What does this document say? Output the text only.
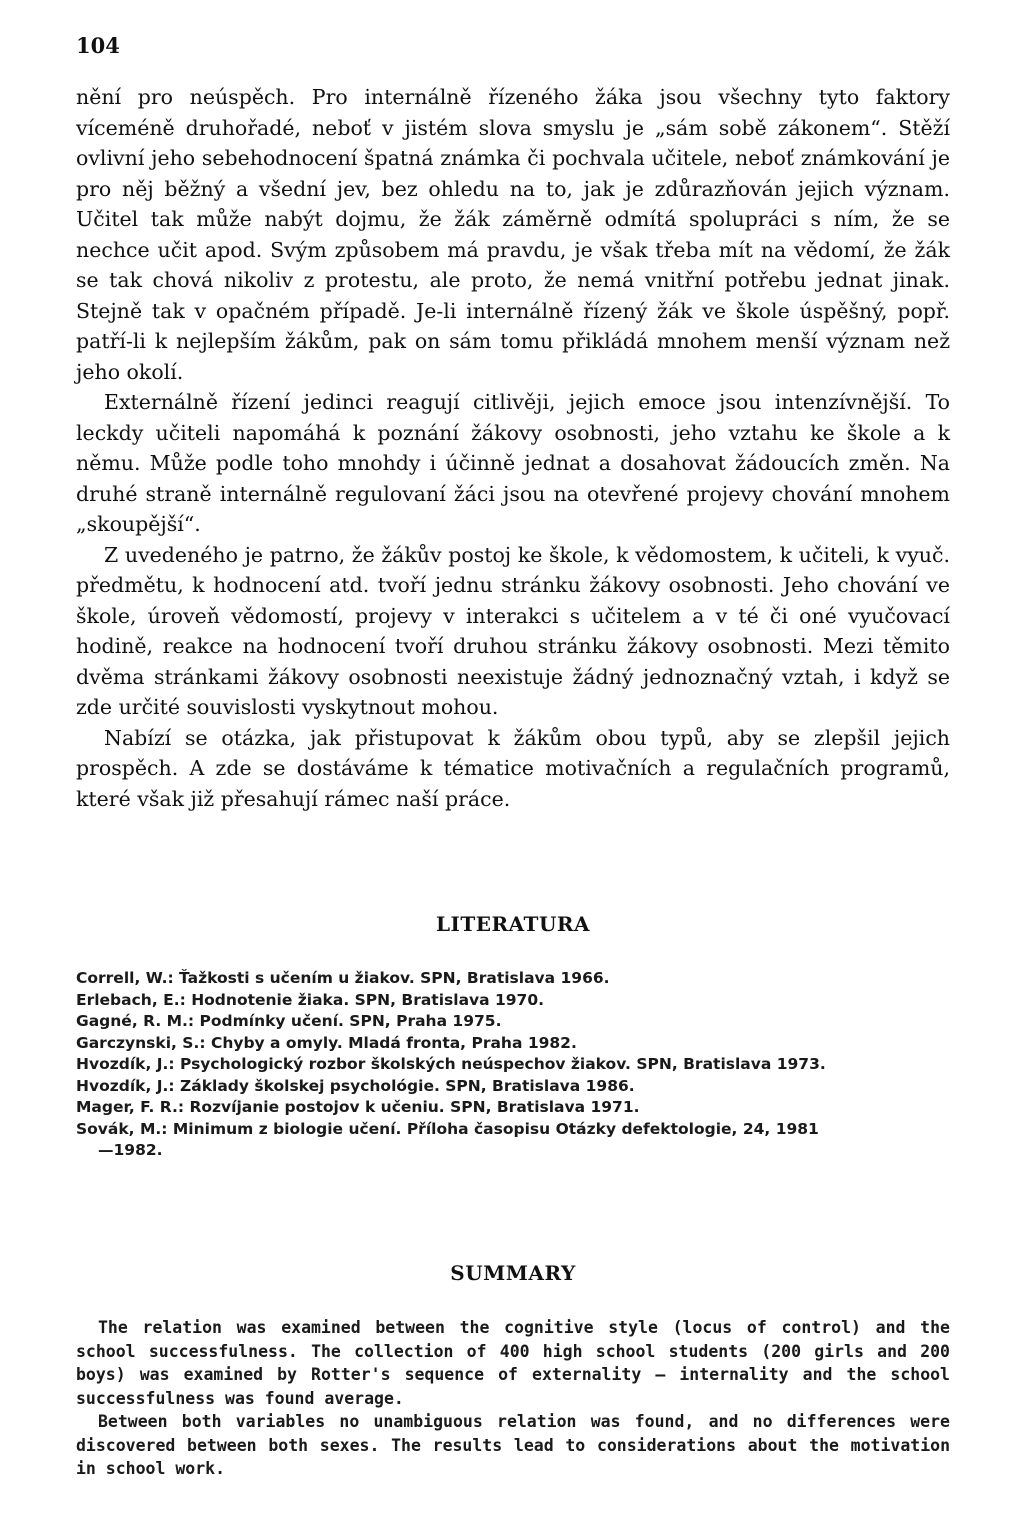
104

nění pro neúspěch. Pro internálně řízeného žáka jsou všechny tyto faktory víceméně druhořadé, neboť v jistém slova smyslu je „sám sobě zákonem“. Stěží ovlivní jeho sebehodnocení špatná známka či pochvala učitele, neboť známkování je pro něj běžný a všední jev, bez ohledu na to, jak je zdůrazňován jejich význam. Učitel tak může nabýt dojmu, že žák záměrně odmítá spolupráci s ním, že se nechce učit apod. Svým způsobem má pravdu, je však třeba mít na vědomí, že žák se tak chová nikoliv z protestu, ale proto, že nemá vnitřní potřebu jednat jinak. Stejně tak v opačném případě. Je-li internálně řízený žák ve škole úspěšný, popř. patří-li k nejlepším žákům, pak on sám tomu přikládá mnohem menší význam než jeho okolí.

Externálně řízení jedinci reagují citlivěji, jejich emoce jsou intenzívnější. To leckdy učiteli napomáhá k poznání žákovy osobnosti, jeho vztahu ke škole a k němu. Může podle toho mnohdy i účinně jednat a dosahovat žádoucích změn. Na druhé straně internálně regulovaní žáci jsou na otevřené projevy chování mnohem „skoupější“.

Z uvedeného je patrno, že žákův postoj ke škole, k vědomostem, k učiteli, k vyuč. předmětu, k hodnocení atd. tvoří jednu stránku žákovy osobnosti. Jeho chování ve škole, úroveň vědomostí, projevy v interakci s učitelem a v té či oné vyučovací hodině, reakce na hodnocení tvoří druhou stránku žákovy osobnosti. Mezi těmito dvěma stránkami žákovy osobnosti neexistuje žádný jednoznačný vztah, i když se zde určité souvislosti vyskytnout mohou.

Nabízí se otázka, jak přistupovat k žákům obou typů, aby se zlepšil jejich prospěch. A zde se dostáváme k tématice motivačních a regulačních programů, které však již přesahují rámec naší práce.

LITERATURA
Correll, W.: Ťažkosti s učením u žiakov. SPN, Bratislava 1966.
Erlebach, E.: Hodnotenie žiaka. SPN, Bratislava 1970.
Gagné, R. M.: Podmínky učení. SPN, Praha 1975.
Garczynski, S.: Chyby a omyly. Mladá fronta, Praha 1982.
Hvozdík, J.: Psychologický rozbor školských neúspechov žiakov. SPN, Bratislava 1973.
Hvozdík, J.: Základy školskej psychológie. SPN, Bratislava 1986.
Mager, F. R.: Rozvíjanie postojov k učeniu. SPN, Bratislava 1971.
Sovák, M.: Minimum z biologie učení. Příloha časopisu Otázky defektologie, 24, 1981
—1982.
SUMMARY

The relation was examined between the cognitive style (locus of control) and the school successfulness. The collection of 400 high school students (200 girls and 200 boys) was examined by Rotter's sequence of externality — internality and the school successfulness was found average.

Between both variables no unambiguous relation was found, and no differences were discovered between both sexes. The results lead to considerations about the motivation in school work.
